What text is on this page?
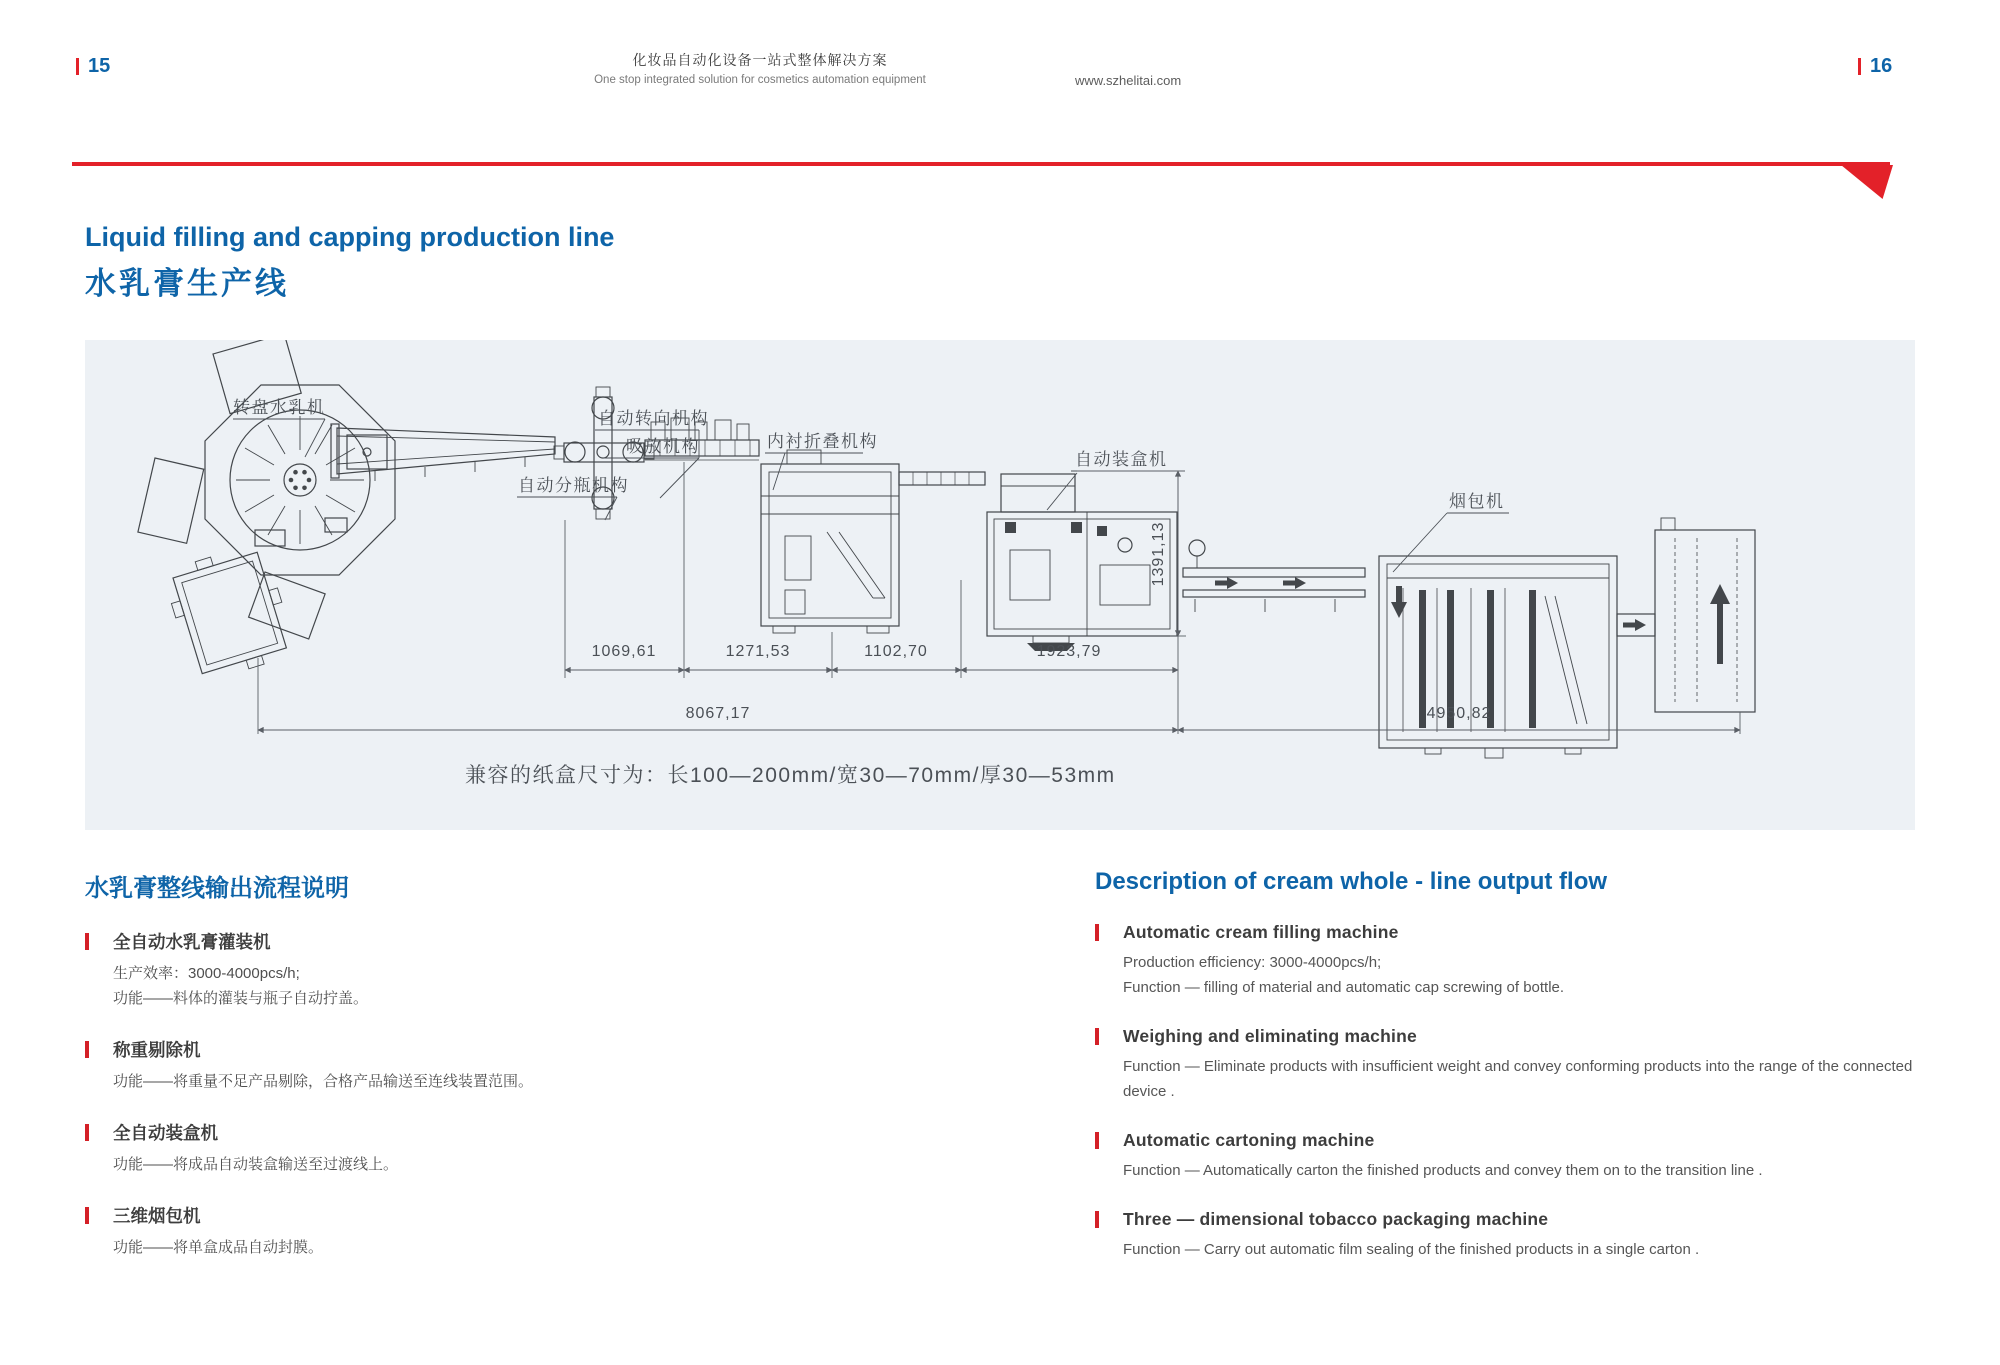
15	化妆品自动化设备一站式整体解决方案
One stop integrated solution for cosmetics automation equipment	www.szhelitai.com
16
Liquid filling and capping production line
水乳膏生产线
1069,61	1271,53	1102,70	1923,79
8067,17	4950,82
1391,13
转盘水乳机
自动转向机构
吸放机构
自动分瓶机构
内衬折叠机构
自动装盒机
烟包机
兼容的纸盒尺寸为：长100—200mm/宽30—70mm/厚30—53mm
水乳膏整线输出流程说明
全自动水乳膏灌装机
生产效率：3000-4000pcs/h;
功能——料体的灌装与瓶子自动拧盖。
称重剔除机
功能——将重量不足产品剔除，合格产品输送至连线装置范围。
全自动装盒机
功能——将成品自动装盒输送至过渡线上。
三维烟包机
功能——将单盒成品自动封膜。
Description of cream whole - line output flow
Automatic cream filling machine
Production efficiency: 3000-4000pcs/h;
Function — filling of material and automatic cap screwing of bottle.
Weighing and eliminating machine
Function — Eliminate products with insufficient weight and convey conforming products into the range of the connected device .
Automatic cartoning machine
Function — Automatically carton the finished products and convey them on to the transition line .
Three — dimensional tobacco packaging machine
Function — Carry out automatic film sealing of the finished products in a single carton .
